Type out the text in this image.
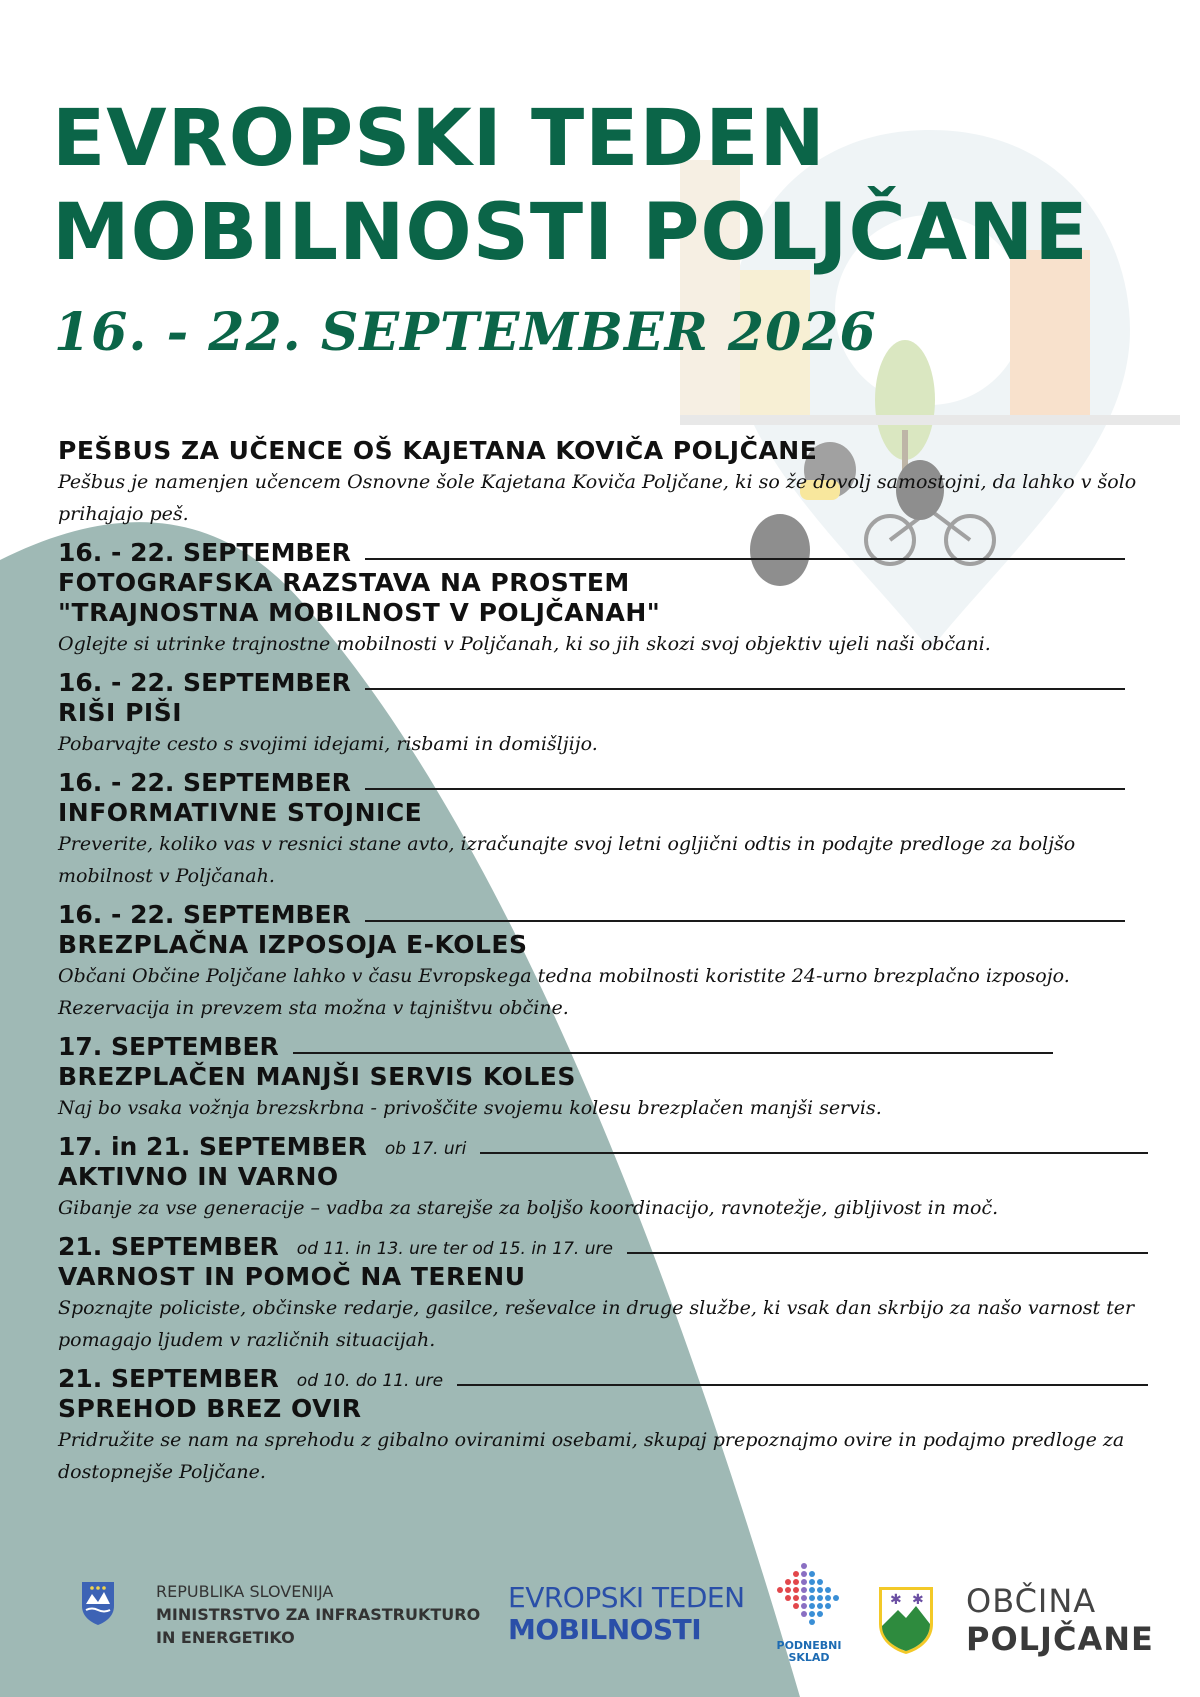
EVROPSKI TEDEN
MOBILNOSTI POLJČANE
16. - 22. SEPTEMBER 2026
PEŠBUS ZA UČENCE OŠ KAJETANA KOVIČA POLJČANE
Pešbus je namenjen učencem Osnovne šole Kajetana Koviča Poljčane, ki so že dovolj samostojni, da lahko v šolo prihajajo peš.
16. - 22. SEPTEMBER
FOTOGRAFSKA RAZSTAVA NA PROSTEM
"TRAJNOSTNA MOBILNOST V POLJČANAH"
Oglejte si utrinke trajnostne mobilnosti v Poljčanah, ki so jih skozi svoj objektiv ujeli naši občani.
16. - 22. SEPTEMBER
RIŠI PIŠI
Pobarvajte cesto s svojimi idejami, risbami in domišljijo.
16. - 22. SEPTEMBER
INFORMATIVNE STOJNICE
Preverite, koliko vas v resnici stane avto, izračunajte svoj letni ogljični odtis in podajte predloge za boljšo mobilnost v Poljčanah.
16. - 22. SEPTEMBER
BREZPLAČNA IZPOSOJA E-KOLES
Občani Občine Poljčane lahko v času Evropskega tedna mobilnosti koristite 24-urno brezplačno izposojo. Rezervacija in prevzem sta možna v tajništvu občine.
17. SEPTEMBER
BREZPLAČEN MANJŠI SERVIS KOLES
Naj bo vsaka vožnja brezskrbna - privoščite svojemu kolesu brezplačen manjši servis.
17. in 21. SEPTEMBER ob 17. uri
AKTIVNO IN VARNO
Gibanje za vse generacije – vadba za starejše za boljšo koordinacijo, ravnotežje, gibljivost in moč.
21. SEPTEMBER od 11. in 13. ure ter od 15. in 17. ure
VARNOST IN POMOČ NA TERENU
Spoznajte policiste, občinske redarje, gasilce, reševalce in druge službe, ki vsak dan skrbijo za našo varnost ter pomagajo ljudem v različnih situacijah.
21. SEPTEMBER od 10. do 11. ure
SPREHOD BREZ OVIR
Pridružite se nam na sprehodu z gibalno oviranimi osebami, skupaj prepoznajmo ovire in podajmo predloge za dostopnejše Poljčane.
REPUBLIKA SLOVENIJA
MINISTRSTVO ZA INFRASTRUKTURO
IN ENERGETIKO
EVROPSKI TEDEN
MOBILNOSTI	PODNEBNI
SKLAD
✱ ✱ OBČINA
POLJČANE
